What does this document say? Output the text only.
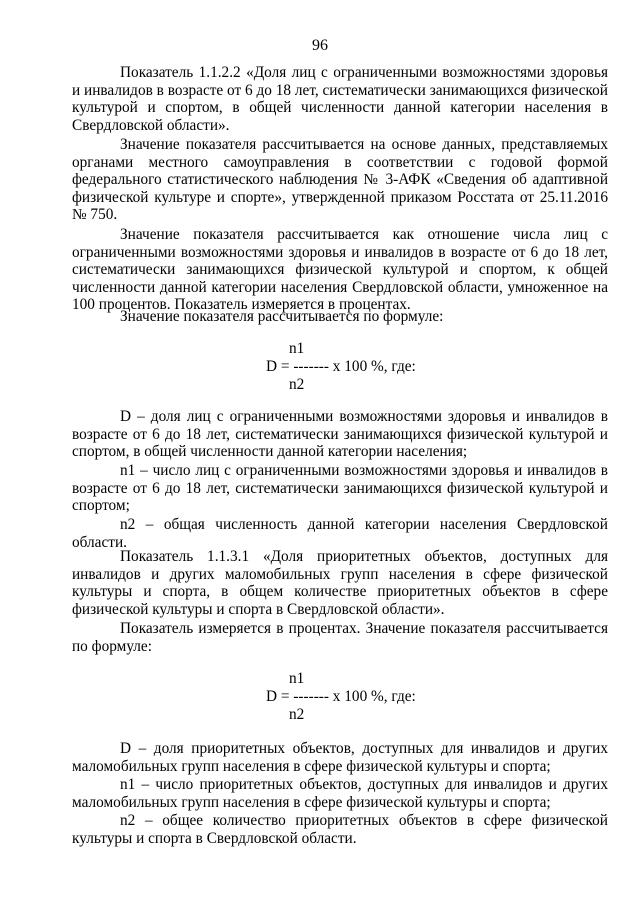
96

Показатель 1.1.2.2 «Доля лиц с ограниченными возможностями здоровья и инвалидов в возрасте от 6 до 18 лет, систематически занимающихся физической культурой и спортом, в общей численности данной категории населения в Свердловской области».

Значение показателя рассчитывается на основе данных, представляемых органами местного самоуправления в соответствии с годовой формой федерального статистического наблюдения № 3-АФК «Сведения об адаптивной физической культуре и спорте», утвержденной приказом Росстата от 25.11.2016 № 750.

Значение показателя рассчитывается как отношение числа лиц с ограниченными возможностями здоровья и инвалидов в возрасте от 6 до 18 лет, систематически занимающихся физической культурой и спортом, к общей численности данной категории населения Свердловской области, умноженное на 100 процентов. Показатель измеряется в процентах.

Значение показателя рассчитывается по формуле:

n1
D = ------- x 100 %, где:
n2

D – доля лиц с ограниченными возможностями здоровья и инвалидов в возрасте от 6 до 18 лет, систематически занимающихся физической культурой и спортом, в общей численности данной категории населения;

n1 – число лиц с ограниченными возможностями здоровья и инвалидов в возрасте от 6 до 18 лет, систематически занимающихся физической культурой и спортом;

n2 – общая численность данной категории населения Свердловской области.

Показатель 1.1.3.1 «Доля приоритетных объектов, доступных для инвалидов и других маломобильных групп населения в сфере физической культуры и спорта, в общем количестве приоритетных объектов в сфере физической культуры и спорта в Свердловской области».

Показатель измеряется в процентах. Значение показателя рассчитывается по формуле:

n1
D = ------- x 100 %, где:
n2

D – доля приоритетных объектов, доступных для инвалидов и других маломобильных групп населения в сфере физической культуры и спорта;

n1 – число приоритетных объектов, доступных для инвалидов и других маломобильных групп населения в сфере физической культуры и спорта;

n2 – общее количество приоритетных объектов в сфере физической культуры и спорта в Свердловской области.
